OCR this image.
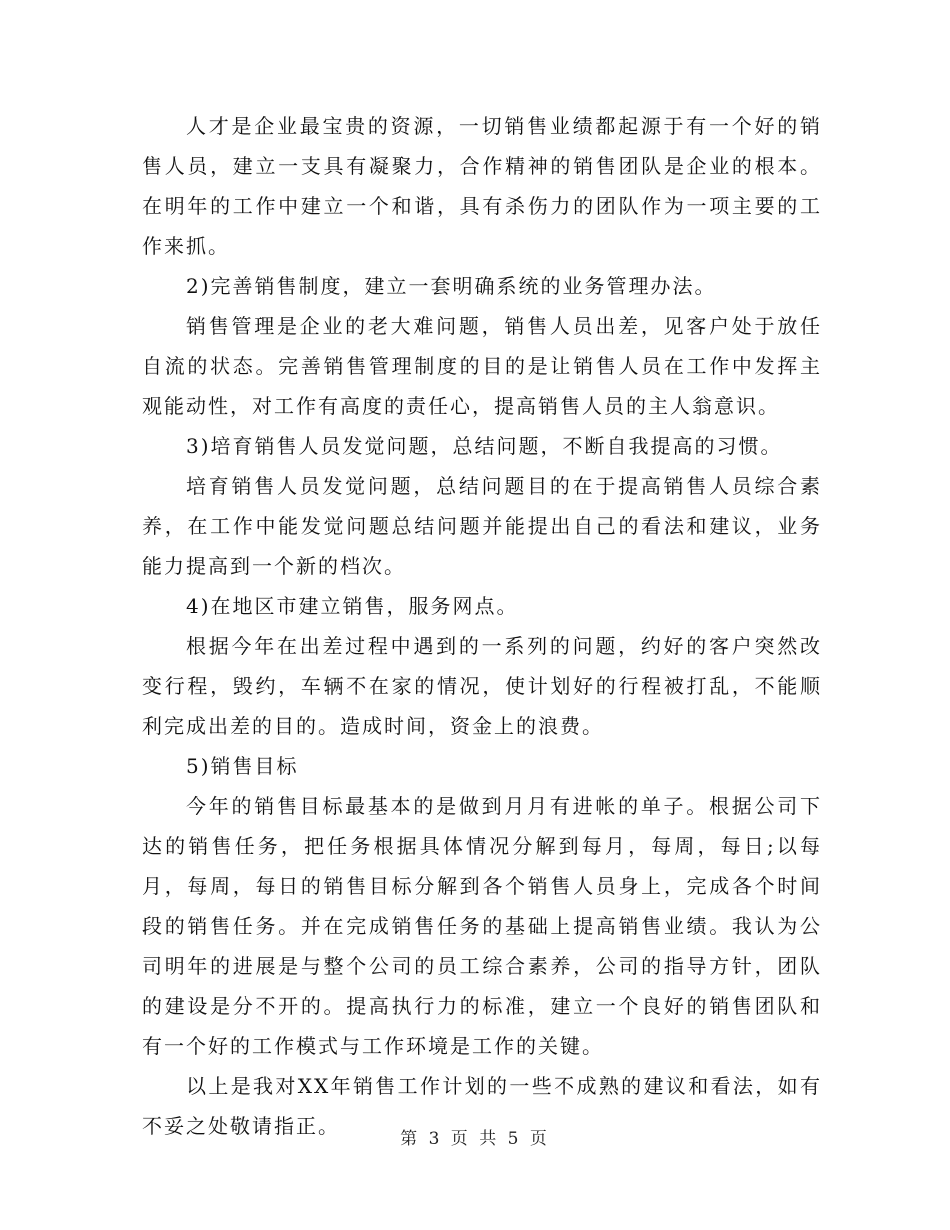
人才是企业最宝贵的资源，一切销售业绩都起源于有一个好的销售人员，建立一支具有凝聚力，合作精神的销售团队是企业的根本。在明年的工作中建立一个和谐，具有杀伤力的团队作为一项主要的工作来抓。

2)完善销售制度，建立一套明确系统的业务管理办法。

销售管理是企业的老大难问题，销售人员出差，见客户处于放任自流的状态。完善销售管理制度的目的是让销售人员在工作中发挥主观能动性，对工作有高度的责任心，提高销售人员的主人翁意识。

3)培育销售人员发觉问题，总结问题，不断自我提高的习惯。

培育销售人员发觉问题，总结问题目的在于提高销售人员综合素养，在工作中能发觉问题总结问题并能提出自己的看法和建议，业务能力提高到一个新的档次。

4)在地区市建立销售，服务网点。

根据今年在出差过程中遇到的一系列的问题，约好的客户突然改变行程，毁约，车辆不在家的情况，使计划好的行程被打乱，不能顺利完成出差的目的。造成时间，资金上的浪费。

5)销售目标

今年的销售目标最基本的是做到月月有进帐的单子。根据公司下达的销售任务，把任务根据具体情况分解到每月，每周，每日;以每月，每周，每日的销售目标分解到各个销售人员身上，完成各个时间段的销售任务。并在完成销售任务的基础上提高销售业绩。我认为公司明年的进展是与整个公司的员工综合素养，公司的指导方针，团队的建设是分不开的。提高执行力的标准，建立一个良好的销售团队和有一个好的工作模式与工作环境是工作的关键。

以上是我对XX年销售工作计划的一些不成熟的建议和看法，如有不妥之处敬请指正。

第 3 页 共 5 页
